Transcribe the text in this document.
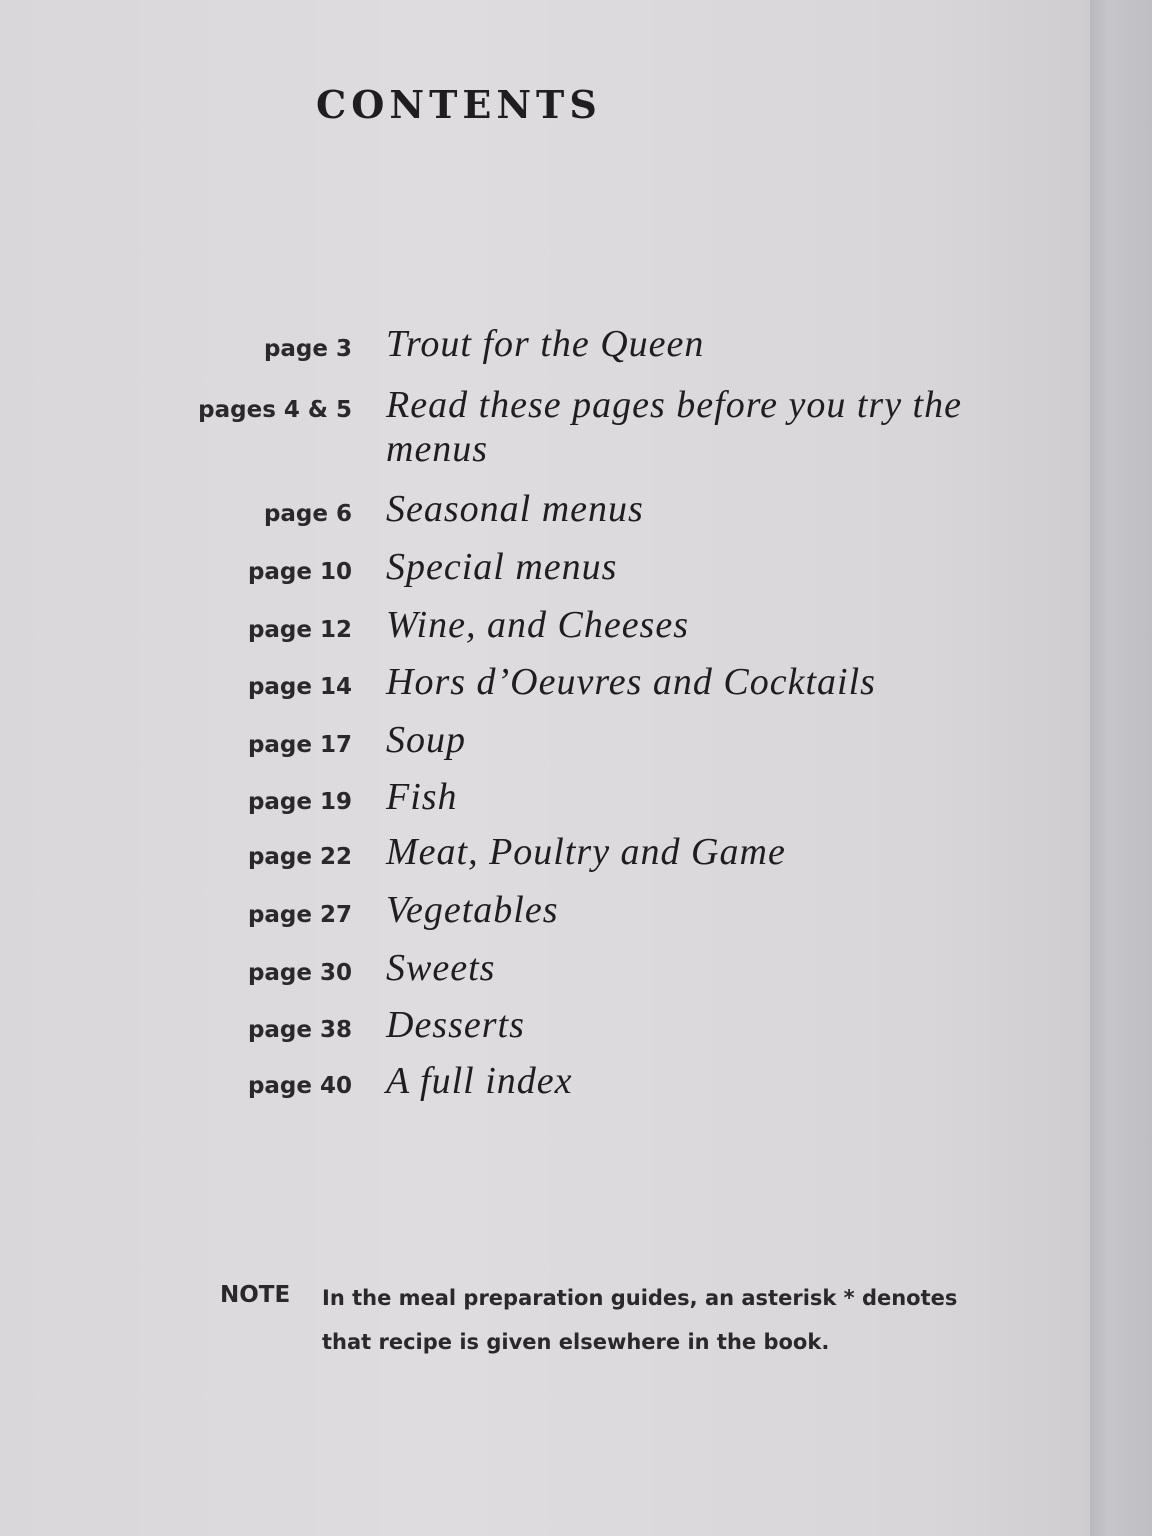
CONTENTS
page 3 Trout for the Queen
pages 4 & 5 Read these pages before you try the menus
page 6 Seasonal menus
page 10 Special menus
page 12 Wine, and Cheeses
page 14 Hors d’Oeuvres and Cocktails
page 17 Soup
page 19 Fish
page 22 Meat, Poultry and Game
page 27 Vegetables
page 30 Sweets
page 38 Desserts
page 40 A full index
NOTE In the meal preparation guides, an asterisk * denotes that recipe is given elsewhere in the book.
